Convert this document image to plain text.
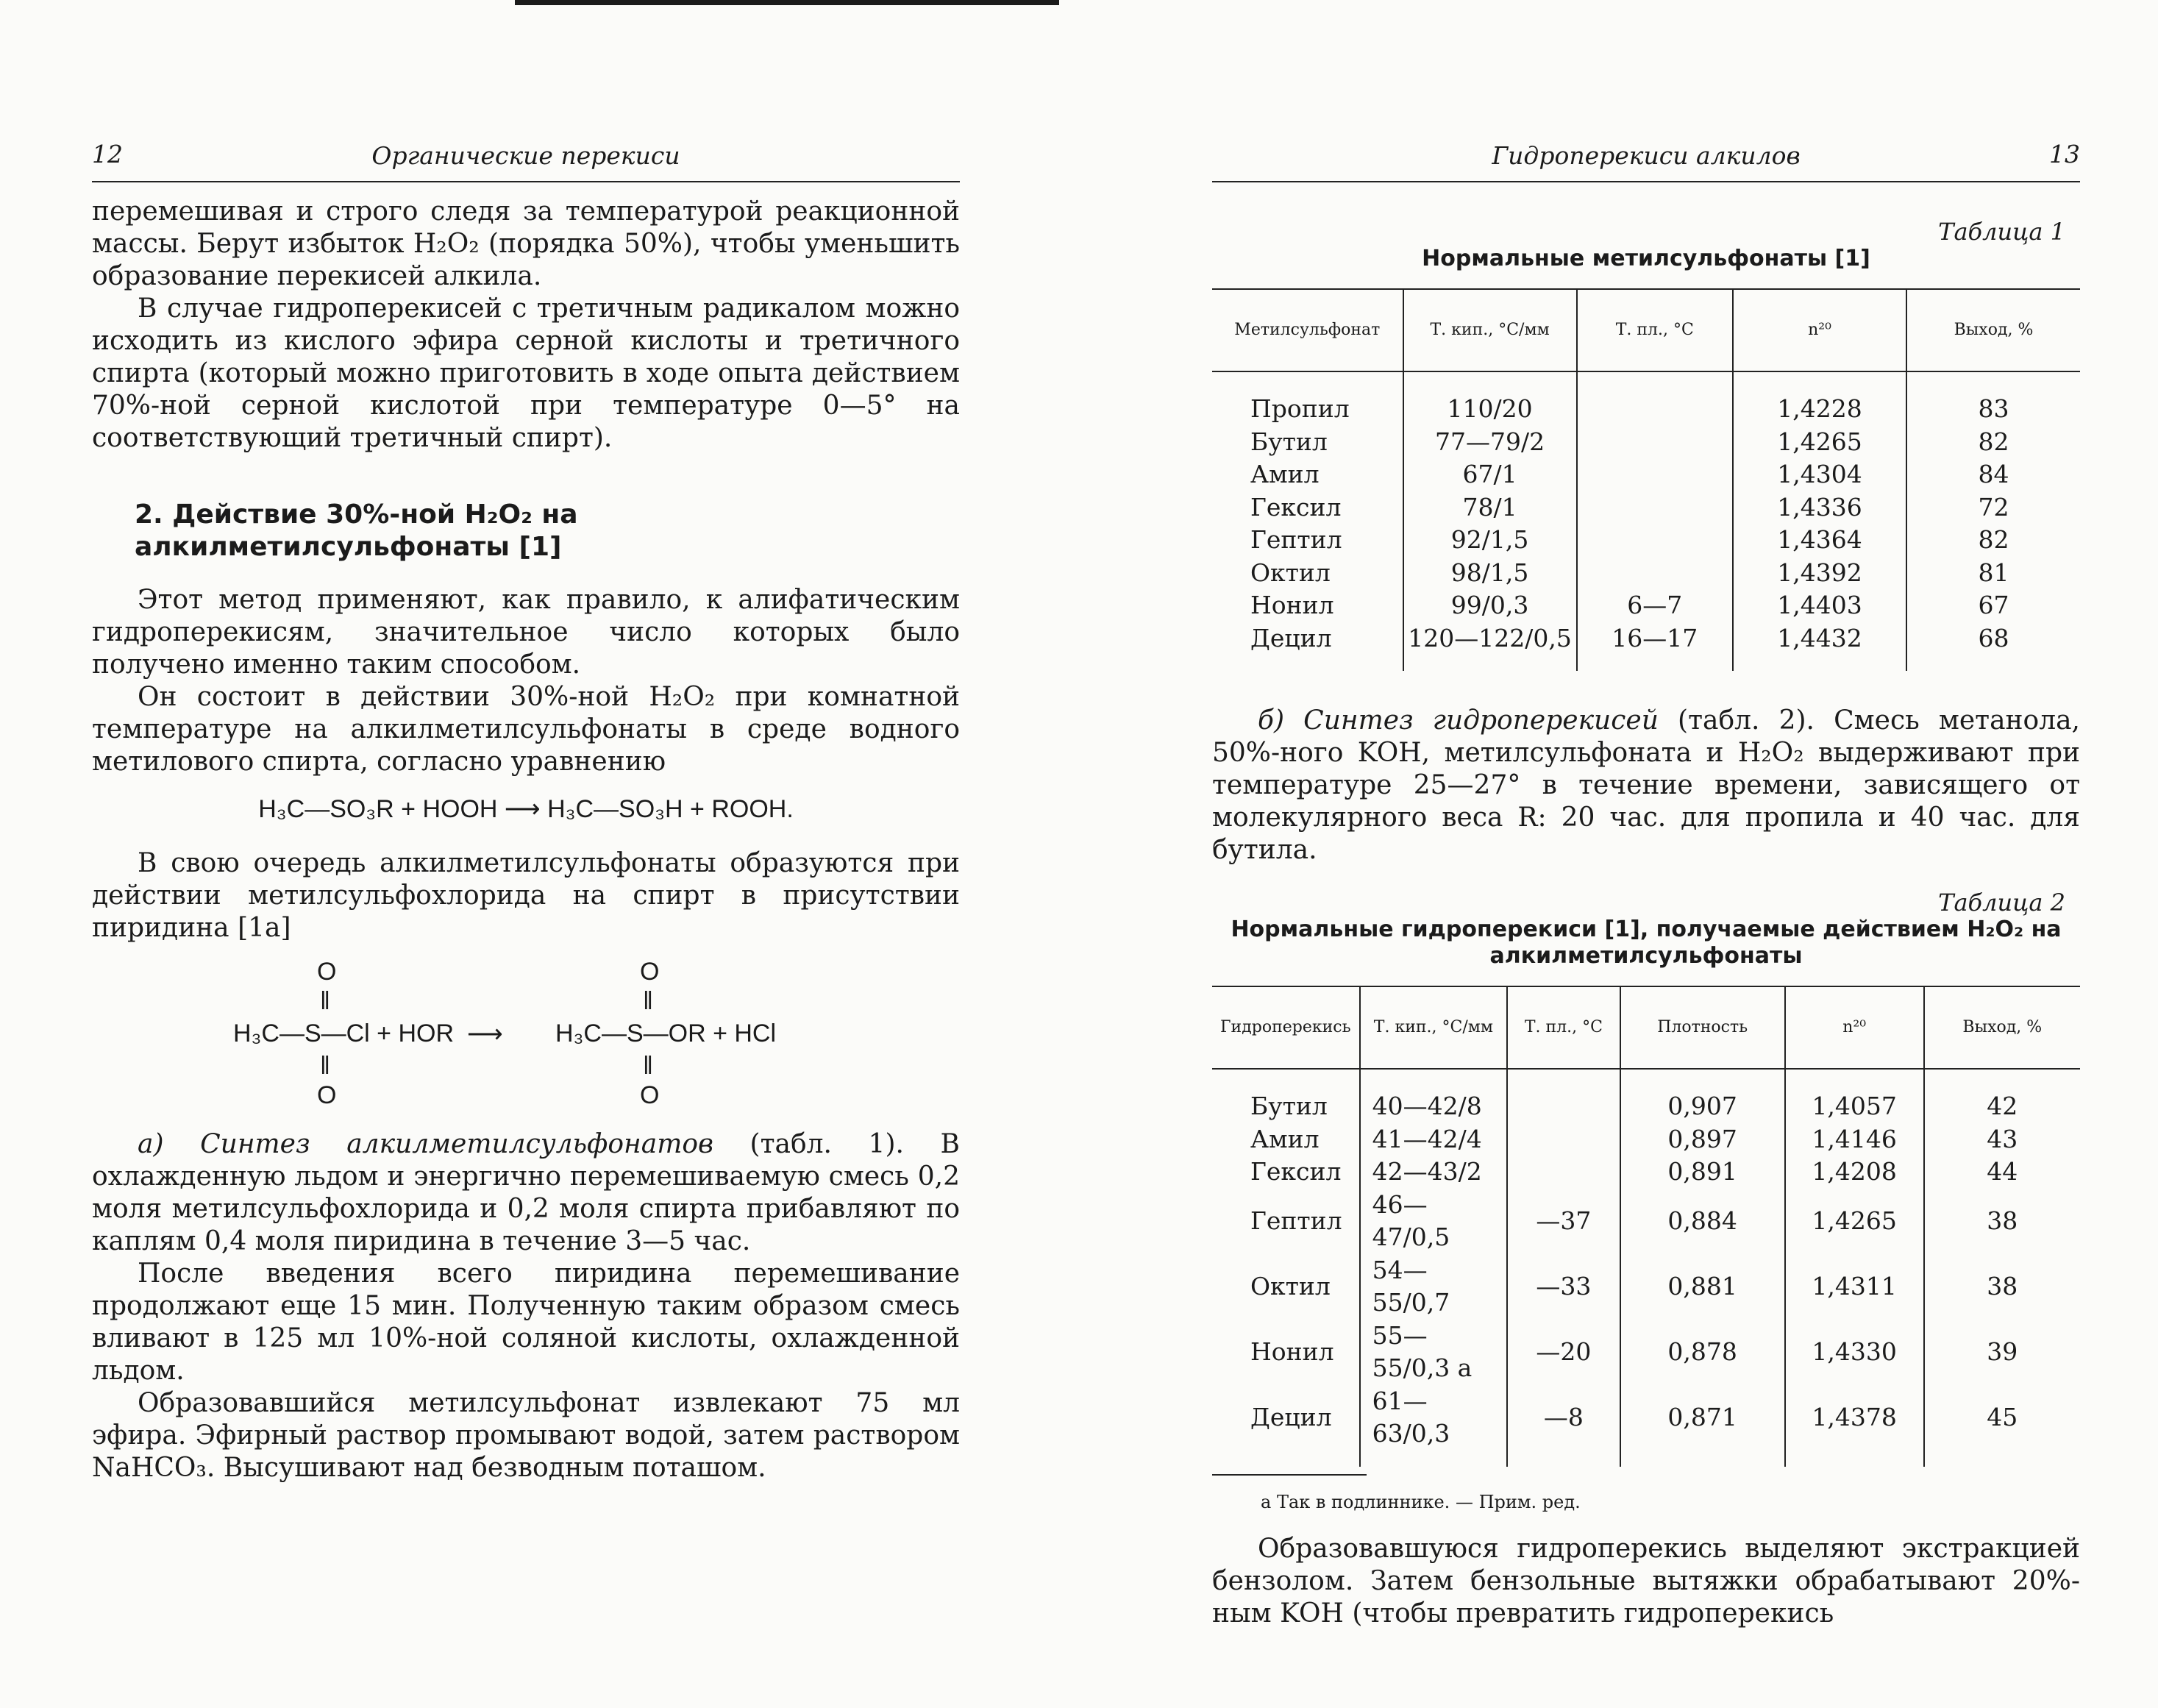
12	Органические перекиси

перемешивая и строго следя за температурой реакционной массы. Берут избыток H₂O₂ (порядка 50%), чтобы уменьшить образование перекисей алкила.

В случае гидроперекисей с третичным радикалом можно исходить из кислого эфира серной кислоты и третичного спирта (который можно приготовить в ходе опыта действием 70%-ной серной кислотой при температуре 0—5° на соответствующий третичный спирт).

2. Действие 30%-ной H₂O₂ на алкилметилсульфонаты [1]

Этот метод применяют, как правило, к алифатическим гидроперекисям, значительное число которых было получено именно таким способом.

Он состоит в действии 30%-ной H₂O₂ при комнатной температуре на алкилметилсульфонаты в среде водного метилового спирта, согласно уравнению

H₃C—SO₃R + HOOH ⟶ H₃C—SO₃H + ROOH.

В свою очередь алкилметилсульфонаты образуются при действии метилсульфохлорида на спирт в присутствии пиридина [1а]

O
‖
H₃C—S—Cl + HOR
‖
O
⟶
O
‖
H₃C—S—OR + HCl
‖
O

а) Синтез алкилметилсульфонатов (табл. 1). В охлажденную льдом и энергично перемешиваемую смесь 0,2 моля метилсульфохлорида и 0,2 моля спирта прибавляют по каплям 0,4 моля пиридина в течение 3—5 час.

После введения всего пиридина перемешивание продолжают еще 15 мин. Полученную таким образом смесь вливают в 125 мл 10%-ной соляной кислоты, охлажденной льдом.

Образовавшийся метилсульфонат извлекают 75 мл эфира. Эфирный раствор промывают водой, затем раствором NaHCO₃. Высушивают над безводным поташом.

Гидроперекиси алкилов	13
Таблица 1
Нормальные метилсульфонаты [1]
Метилсульфонат	Т. кип., °С/мм	Т. пл., °С	n²⁰	Выход, %

Пропил	110/20		1,4228	83
Бутил	77—79/2		1,4265	82
Амил	67/1		1,4304	84
Гексил	78/1		1,4336	72
Гептил	92/1,5		1,4364	82
Октил	98/1,5		1,4392	81
Нонил	99/0,3	6—7	1,4403	67
Децил	120—122/0,5	16—17	1,4432	68

б) Синтез гидроперекисей (табл. 2). Смесь метанола, 50%-ного KOH, метилсульфоната и H₂O₂ выдерживают при температуре 25—27° в течение времени, зависящего от молекулярного веса R: 20 час. для пропила и 40 час. для бутила.

Таблица 2
Нормальные гидроперекиси [1], получаемые действием H₂O₂ на алкилметилсульфонаты
Гидроперекись	Т. кип., °С/мм	Т. пл., °С	Плотность	n²⁰	Выход, %

Бутил	40—42/8		0,907	1,4057	42
Амил	41—42/4		0,897	1,4146	43
Гексил	42—43/2		0,891	1,4208	44
Гептил	46—47/0,5	—37	0,884	1,4265	38
Октил	54—55/0,7	—33	0,881	1,4311	38
Нонил	55—55/0,3 а	—20	0,878	1,4330	39
Децил	61—63/0,3	—8	0,871	1,4378	45

а Так в подлиннике. — Прим. ред.

Образовавшуюся гидроперекись выделяют экстракцией бензолом. Затем бензольные вытяжки обрабатывают 20%-ным KOH (чтобы превратить гидроперекись
